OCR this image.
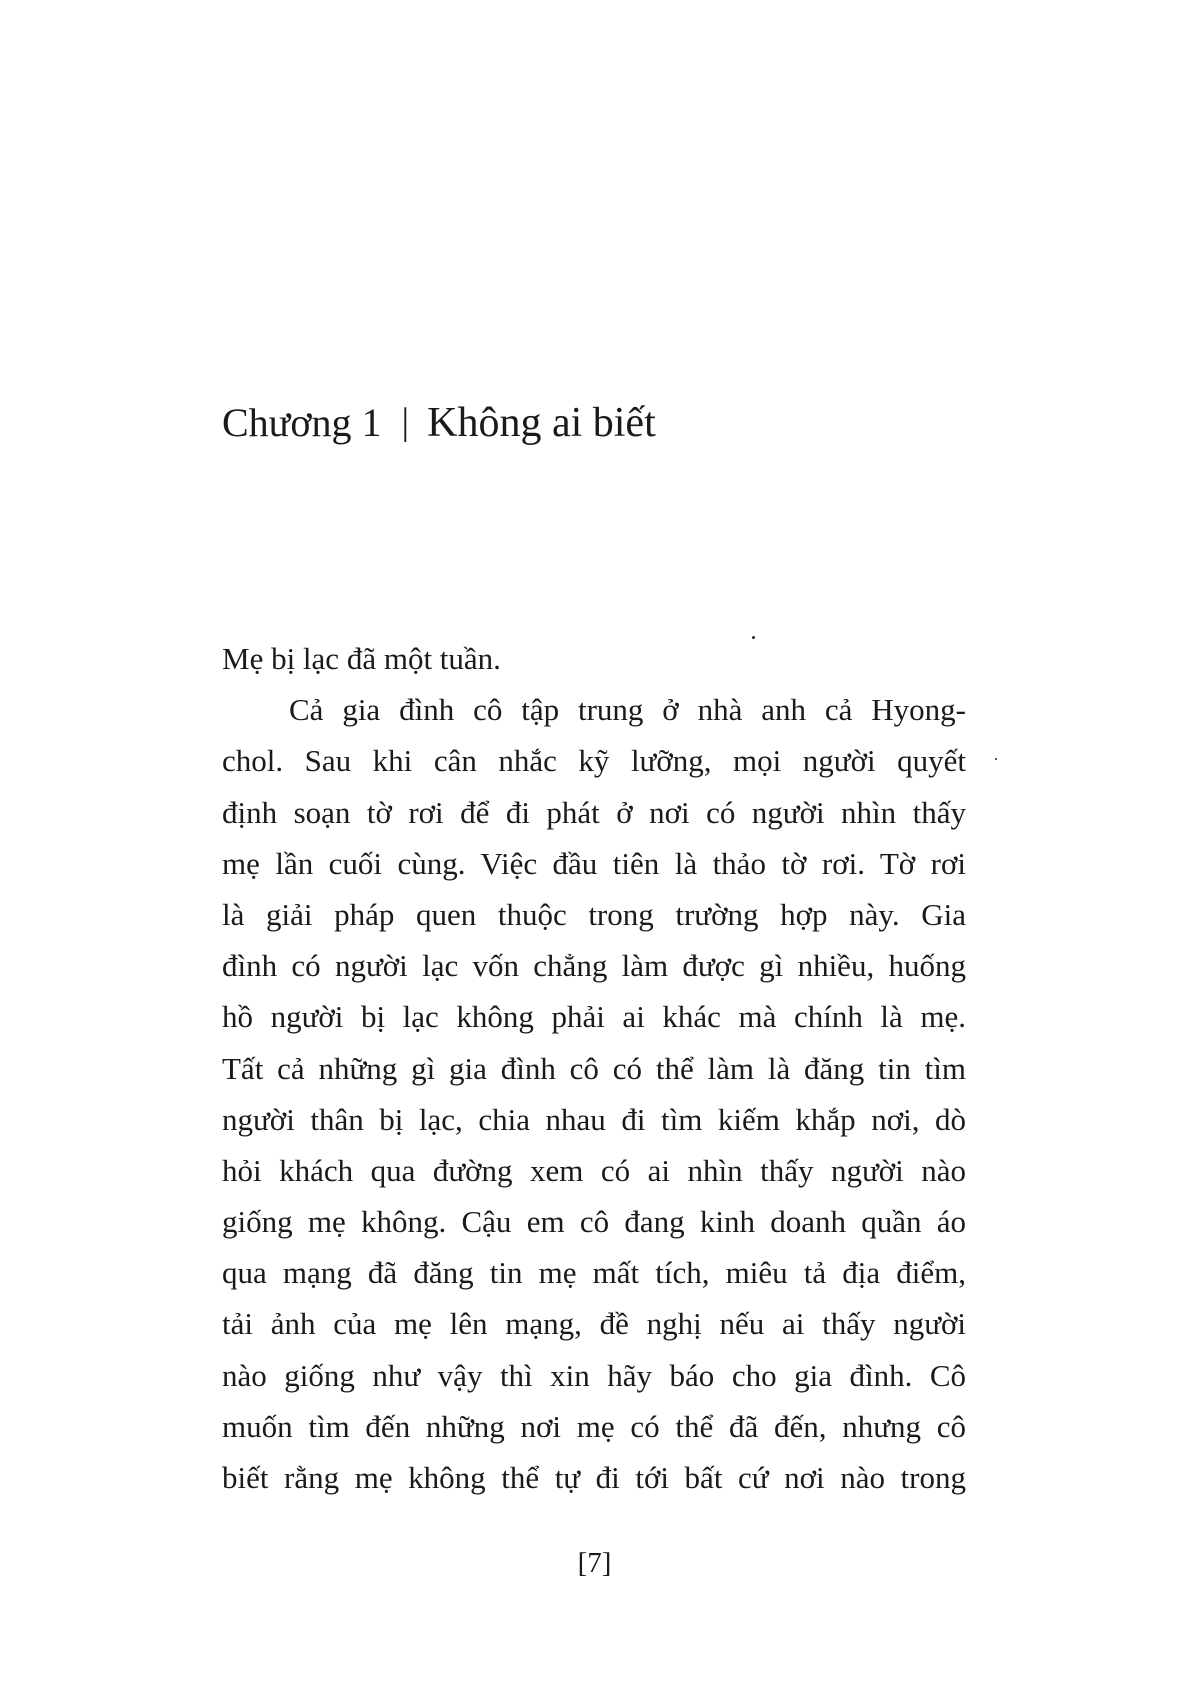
Chương 1 | Không ai biết
Mẹ bị lạc đã một tuần.
Cả gia đình cô tập trung ở nhà anh cả Hyong-
chol. Sau khi cân nhắc kỹ lưỡng, mọi người quyết
định soạn tờ rơi để đi phát ở nơi có người nhìn thấy
mẹ lần cuối cùng. Việc đầu tiên là thảo tờ rơi. Tờ rơi
là giải pháp quen thuộc trong trường hợp này. Gia
đình có người lạc vốn chẳng làm được gì nhiều, huống
hồ người bị lạc không phải ai khác mà chính là mẹ.
Tất cả những gì gia đình cô có thể làm là đăng tin tìm
người thân bị lạc, chia nhau đi tìm kiếm khắp nơi, dò
hỏi khách qua đường xem có ai nhìn thấy người nào
giống mẹ không. Cậu em cô đang kinh doanh quần áo
qua mạng đã đăng tin mẹ mất tích, miêu tả địa điểm,
tải ảnh của mẹ lên mạng, đề nghị nếu ai thấy người
nào giống như vậy thì xin hãy báo cho gia đình. Cô
muốn tìm đến những nơi mẹ có thể đã đến, nhưng cô
biết rằng mẹ không thể tự đi tới bất cứ nơi nào trong
[7]
